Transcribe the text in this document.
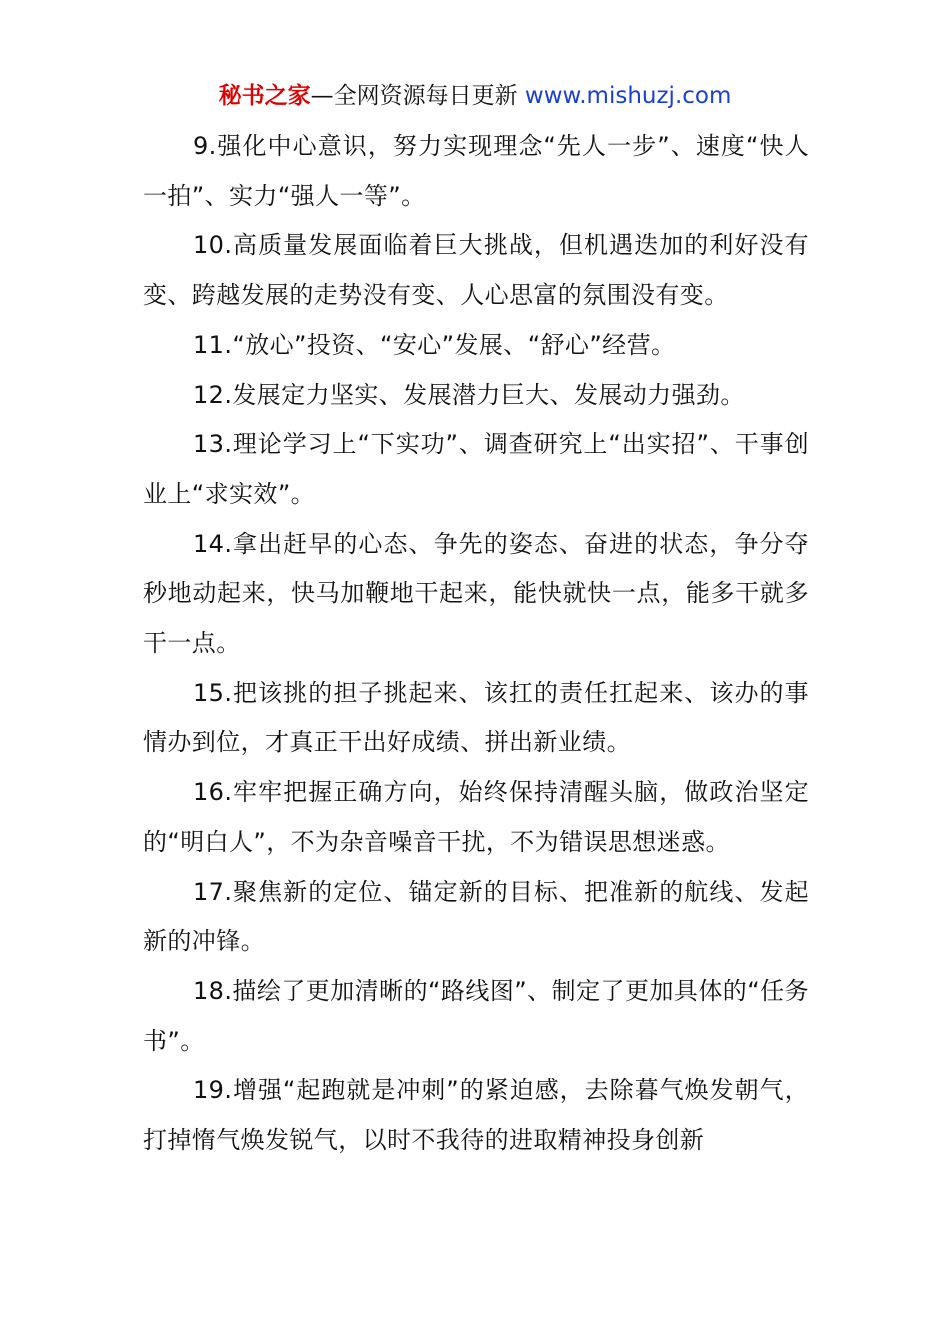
秘书之家—全网资源每日更新 www.mishuzj.com

9.强化中心意识，努力实现理念“先人一步”、速度“快人一拍”、实力“强人一等”。

10.高质量发展面临着巨大挑战，但机遇迭加的利好没有变、跨越发展的走势没有变、人心思富的氛围没有变。

11.“放心”投资、“安心”发展、“舒心”经营。

12.发展定力坚实、发展潜力巨大、发展动力强劲。

13.理论学习上“下实功”、调查研究上“出实招”、干事创业上“求实效”。

14.拿出赶早的心态、争先的姿态、奋进的状态，争分夺秒地动起来，快马加鞭地干起来，能快就快一点，能多干就多干一点。

15.把该挑的担子挑起来、该扛的责任扛起来、该办的事情办到位，才真正干出好成绩、拼出新业绩。

16.牢牢把握正确方向，始终保持清醒头脑，做政治坚定的“明白人”，不为杂音噪音干扰，不为错误思想迷惑。

17.聚焦新的定位、锚定新的目标、把准新的航线、发起新的冲锋。

18.描绘了更加清晰的“路线图”、制定了更加具体的“任务书”。

19.增强“起跑就是冲刺”的紧迫感，去除暮气焕发朝气，打掉惰气焕发锐气，以时不我待的进取精神投身创新
